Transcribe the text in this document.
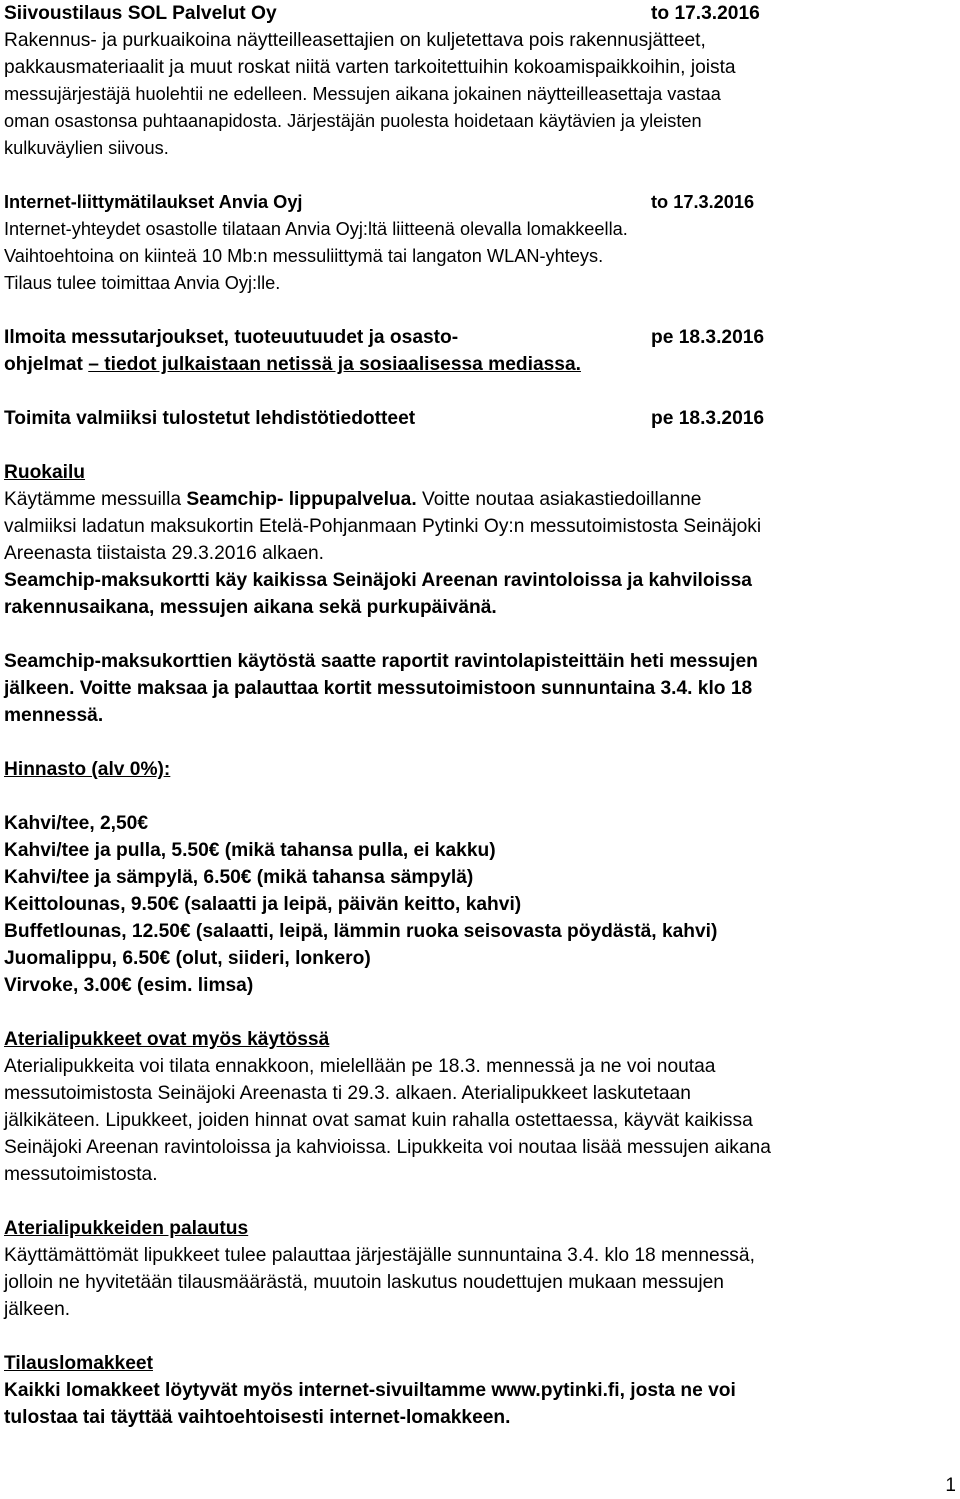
Siivoustilaus SOL Palvelut Oy	to 17.3.2016
Rakennus- ja purkuaikoina näytteilleasettajien on kuljetettava pois rakennusjätteet,
pakkausmateriaalit ja muut roskat niitä varten tarkoitettuihin kokoamispaikkoihin, joista
messujärjestäjä huolehtii ne edelleen. Messujen aikana jokainen näytteilleasettaja vastaa
oman osastonsa puhtaanapidosta. Järjestäjän puolesta hoidetaan käytävien ja yleisten
kulkuväylien siivous.
Internet-liittymätilaukset Anvia Oyj	to 17.3.2016
Internet-yhteydet osastolle tilataan Anvia Oyj:ltä liitteenä olevalla lomakkeella.
Vaihtoehtoina on kiinteä 10 Mb:n messuliittymä tai langaton WLAN-yhteys.
Tilaus tulee toimittaa Anvia Oyj:lle.
Ilmoita messutarjoukset, tuoteuutuudet ja osasto-	pe 18.3.2016
ohjelmat – tiedot julkaistaan netissä ja sosiaalisessa mediassa.
Toimita valmiiksi tulostetut lehdistötiedotteet	pe 18.3.2016
Ruokailu
Käytämme messuilla Seamchip- lippupalvelua. Voitte noutaa asiakastiedoillanne
valmiiksi ladatun maksukortin Etelä-Pohjanmaan Pytinki Oy:n messutoimistosta Seinäjoki
Areenasta tiistaista 29.3.2016 alkaen.
Seamchip-maksukortti käy kaikissa Seinäjoki Areenan ravintoloissa ja kahviloissa
rakennusaikana, messujen aikana sekä purkupäivänä.
Seamchip-maksukorttien käytöstä saatte raportit ravintolapisteittäin heti messujen
jälkeen. Voitte maksaa ja palauttaa kortit messutoimistoon sunnuntaina 3.4. klo 18
mennessä.
Hinnasto (alv 0%):
Kahvi/tee, 2,50€
Kahvi/tee ja pulla, 5.50€ (mikä tahansa pulla, ei kakku)
Kahvi/tee ja sämpylä, 6.50€ (mikä tahansa sämpylä)
Keittolounas, 9.50€ (salaatti ja leipä, päivän keitto, kahvi)
Buffetlounas, 12.50€ (salaatti, leipä, lämmin ruoka seisovasta pöydästä, kahvi)
Juomalippu, 6.50€ (olut, siideri, lonkero)
Virvoke, 3.00€ (esim. limsa)
Aterialipukkeet ovat myös käytössä
Aterialipukkeita voi tilata ennakkoon, mielellään pe 18.3. mennessä ja ne voi noutaa
messutoimistosta Seinäjoki Areenasta ti 29.3. alkaen. Aterialipukkeet laskutetaan
jälkikäteen. Lipukkeet, joiden hinnat ovat samat kuin rahalla ostettaessa, käyvät kaikissa
Seinäjoki Areenan ravintoloissa ja kahvioissa. Lipukkeita voi noutaa lisää messujen aikana
messutoimistosta.
Aterialipukkeiden palautus
Käyttämättömät lipukkeet tulee palauttaa järjestäjälle sunnuntaina 3.4. klo 18 mennessä,
jolloin ne hyvitetään tilausmäärästä, muutoin laskutus noudettujen mukaan messujen
jälkeen.
Tilauslomakkeet
Kaikki lomakkeet löytyvät myös internet-sivuiltamme www.pytinki.fi, josta ne voi
tulostaa tai täyttää vaihtoehtoisesti internet-lomakkeen.
1
